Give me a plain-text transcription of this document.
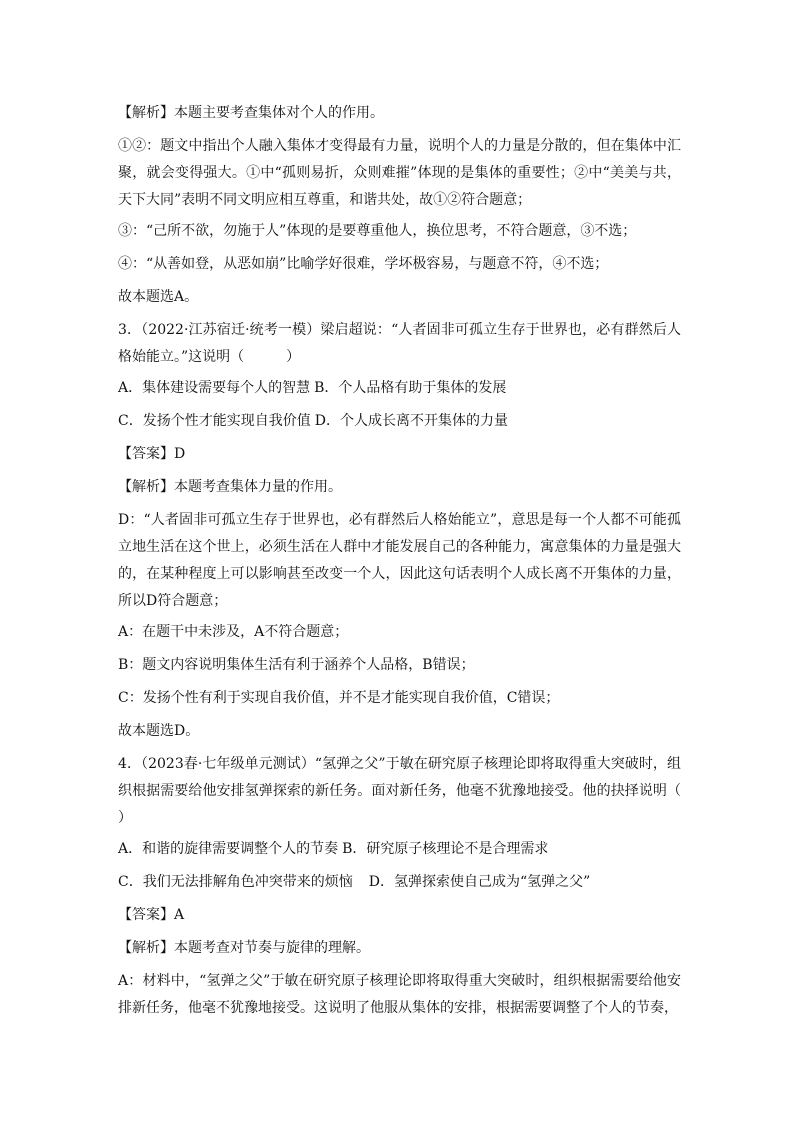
【解析】本题主要考查集体对个人的作用。

①②：题文中指出个人融入集体才变得最有力量，说明个人的力量是分散的，但在集体中汇聚，就会变得强大。①中“孤则易折，众则难摧”体现的是集体的重要性；②中“美美与共，天下大同”表明不同文明应相互尊重，和谐共处，故①②符合题意；

③：“己所不欲，勿施于人”体现的是要尊重他人，换位思考，不符合题意，③不选；

④：“从善如登，从恶如崩”比喻学好很难，学坏极容易，与题意不符，④不选；

故本题选A。

3．（2022·江苏宿迁·统考一模）梁启超说：“人者固非可孤立生存于世界也，必有群然后人格始能立。”这说明（　　　）

A．集体建设需要每个人的智慧 B．个人品格有助于集体的发展
C．发扬个性才能实现自我价值 D．个人成长离不开集体的力量

【答案】D

【解析】本题考查集体力量的作用。

D：“人者固非可孤立生存于世界也，必有群然后人格始能立”，意思是每一个人都不可能孤立地生活在这个世上，必须生活在人群中才能发展自己的各种能力，寓意集体的力量是强大的，在某种程度上可以影响甚至改变一个人，因此这句话表明个人成长离不开集体的力量，所以D符合题意；

A：在题干中未涉及，A不符合题意；

B：题文内容说明集体生活有利于涵养个人品格，B错误；

C：发扬个性有利于实现自我价值，并不是才能实现自我价值，C错误；

故本题选D。

4．（2023春·七年级单元测试）“氢弹之父”于敏在研究原子核理论即将取得重大突破时，组织根据需要给他安排氢弹探索的新任务。面对新任务，他毫不犹豫地接受。他的抉择说明（　　　）

A．和谐的旋律需要调整个人的节奏 B．研究原子核理论不是合理需求
C．我们无法排解角色冲突带来的烦恼 D．氢弹探索使自己成为“氢弹之父”

【答案】A

【解析】本题考查对节奏与旋律的理解。

A：材料中，“氢弹之父”于敏在研究原子核理论即将取得重大突破时，组织根据需要给他安排新任务，他毫不犹豫地接受。这说明了他服从集体的安排，根据需要调整了个人的节奏，
